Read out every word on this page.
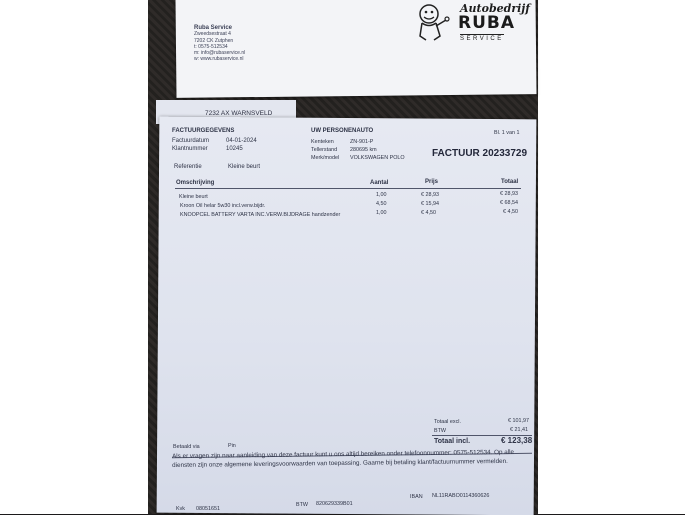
Ruba Service
Zweedsestraat 4
7202 CK Zutphen
t: 0575-512534
m: info@rubaservice.nl
w: www.rubaservice.nl
Autobedrijf
RUBA
SERVICE
7232 AX WARNSVELD
Bl. 1 van 1
FACTUURGEGEVENS
Factuurdatum	04-01-2024
Klantnummer	10245
Referentie	Kleine beurt
UW PERSONENAUTO
Kenteken	ZN-901-P
Tellerstand 280695 km
Merk/model VOLKSWAGEN POLO	FACTUUR 20233729
Omschrijving	Aantal	Prijs	Totaal
Kleine beurt	1,00	€ 28,93	€ 28,93
Kroon Oil helar 5w30 incl.verw.bijdr.	4,50	€ 15,94	€ 68,54
KNOOPCEL BATTERY VARTA INC.VERW.BIJDRAGE handzender	1,00	€ 4,50	€ 4,50
Totaal excl.	€ 101,97
BTW	€ 21,41
Totaal incl.	€ 123,38
Betaald via	Pin
Als er vragen zijn naar aanleiding van deze factuur kunt u ons altijd bereiken onder telefoonnummer: 0575-512534. Op alle diensten zijn onze algemene leveringsvoorwaarden van toepassing. Gaarne bij betaling klant/factuurnummer vermelden.
Kvk 08051651
BTW 820629339B01
IBAN NL11RABO0114360626
